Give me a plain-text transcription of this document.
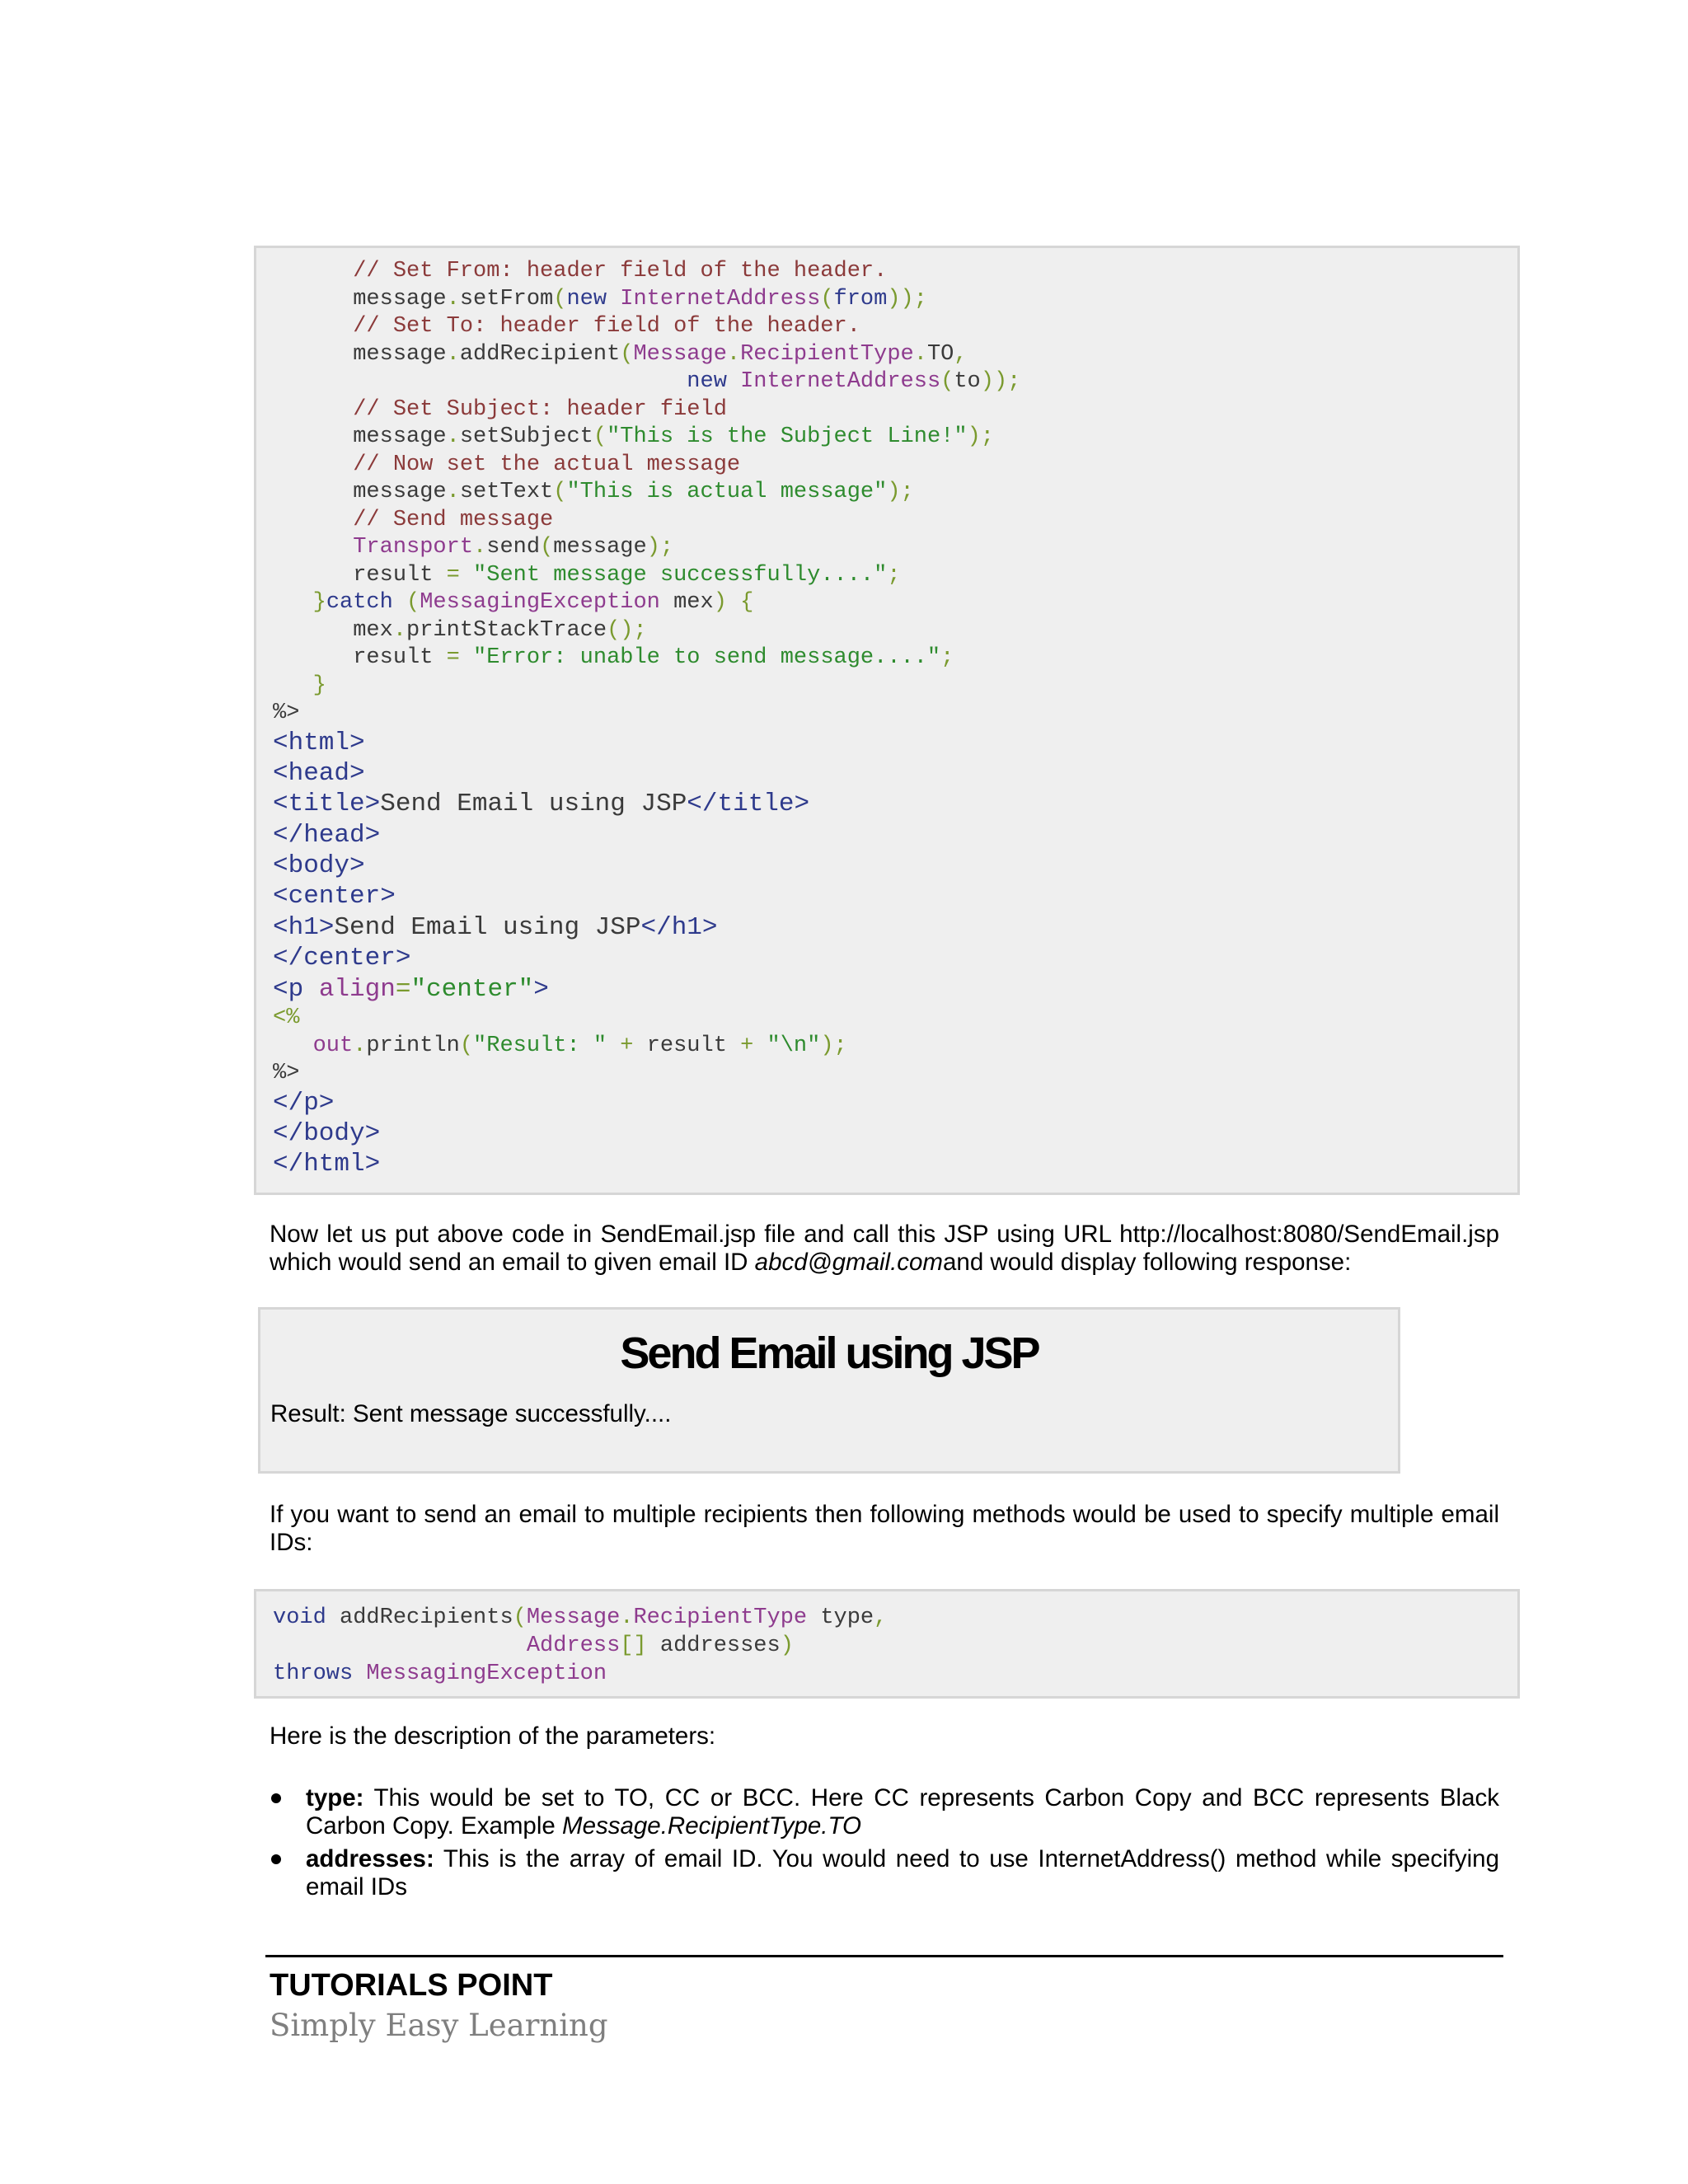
// Set From: header field of the header.
message.setFrom(new InternetAddress(from));
// Set To: header field of the header.
message.addRecipient(Message.RecipientType.TO,
new InternetAddress(to));
// Set Subject: header field
message.setSubject("This is the Subject Line!");
// Now set the actual message
message.setText("This is actual message");
// Send message
Transport.send(message);
result = "Sent message successfully....";
}catch (MessagingException mex) {
mex.printStackTrace();
result = "Error: unable to send message....";
}
%>
<html>
<head>
<title>Send Email using JSP</title>
</head>
<body>
<center>
<h1>Send Email using JSP</h1>
</center>
<p align="center">
<%
out.println("Result: " + result + "\n");
%>
</p>
</body>
</html>

Now let us put above code in SendEmail.jsp file and call this JSP using URL http://localhost:8080/SendEmail.jsp which would send an email to given email ID abcd@gmail.comand would display following response:

Send Email using JSP

Result: Sent message successfully....

If you want to send an email to multiple recipients then following methods would be used to specify multiple email IDs:

void addRecipients(Message.RecipientType type,
Address[] addresses)
throws MessagingException

Here is the description of the parameters:

type: This would be set to TO, CC or BCC. Here CC represents Carbon Copy and BCC represents Black Carbon Copy. Example Message.RecipientType.TO
addresses: This is the array of email ID. You would need to use InternetAddress() method while specifying email IDs

TUTORIALS POINT

Simply Easy Learning
